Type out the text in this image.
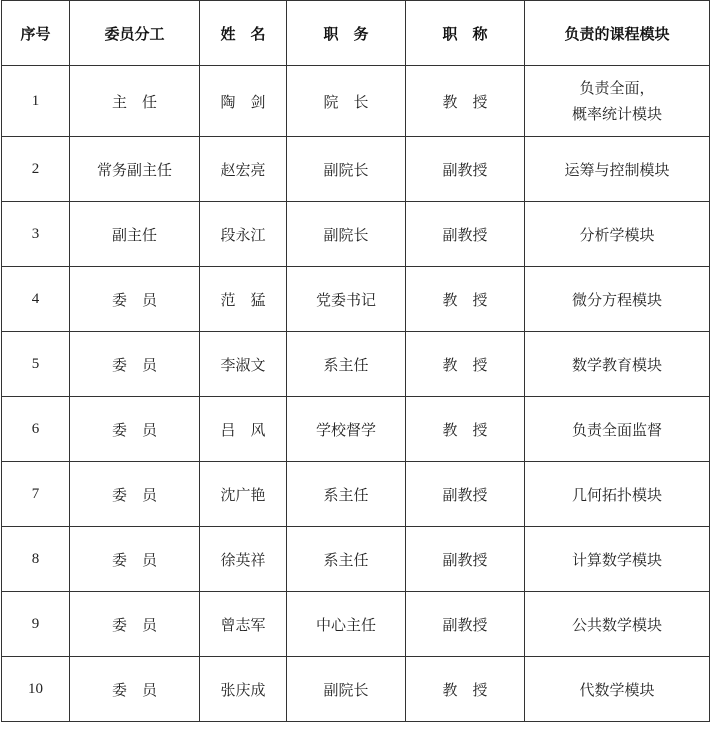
序号	委员分工	姓　名	职　务	职　称	负责的课程模块
1	主　任	陶　剑	院　长	教　授	负责全面，
概率统计模块

2	常务副主任	赵宏亮	副院长	副教授	运筹与控制模块
3	副主任	段永江	副院长	副教授	分析学模块
4	委　员	范　猛	党委书记	教　授	微分方程模块
5	委　员	李淑文	系主任	教　授	数学教育模块
6	委　员	吕　风	学校督学	教　授	负责全面监督
7	委　员	沈广艳	系主任	副教授	几何拓扑模块
8	委　员	徐英祥	系主任	副教授	计算数学模块
9	委　员	曾志军	中心主任	副教授	公共数学模块
10	委　员	张庆成	副院长	教　授	代数学模块
